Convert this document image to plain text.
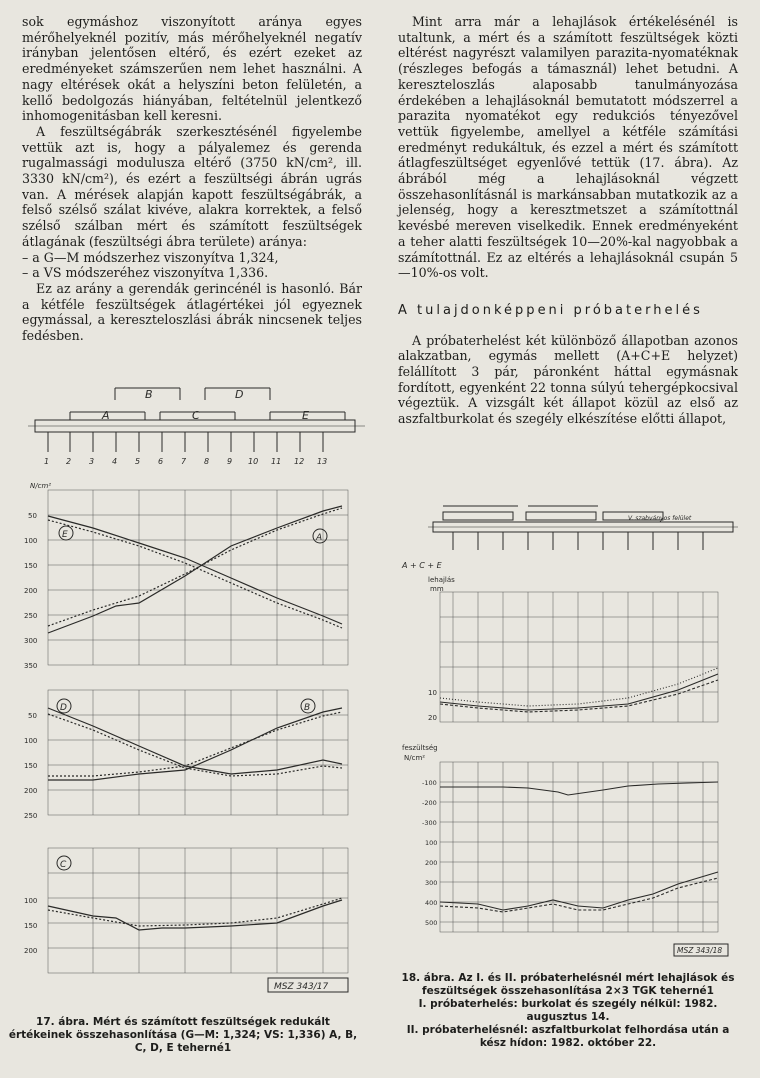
sok egymáshoz viszonyított aránya egyes mérőhelyeknél pozitív, más mérőhelyeknél negatív irányban jelentősen eltérő, és ezért ezeket az eredményeket számszerűen nem lehet használni. A nagy eltérések okát a helyszíni beton felületén, a kellő bedolgozás hiányában, feltételnül jelentkező inhomogenitásban kell keresni.

A feszültségábrák szerkesztésénél figyelembe vettük azt is, hogy a pályalemez és gerenda rugalmassági modulusza eltérő (3750 kN/cm², ill. 3330 kN/cm²), és ezért a feszültségi ábrán ugrás van. A mérések alapján kapott feszültségábrák, a felső szélső szálat kivéve, alakra korrektek, a felső szélső szálban mért és számított feszültségek átlagának (feszültségi ábra területe) aránya:

– a G—M módszerhez viszonyítva 1,324,

– a VS módszeréhez viszonyítva 1,336.

Ez az arány a gerendák gerincénél is hasonló. Bár a kétféle feszültségek átlagértékei jól egyeznek egymással, a kereszteloszlási ábrák nincsenek teljes fedésben.

Mint arra már a lehajlások értékelésénél is utaltunk, a mért és a számított feszültségek közti eltérést nagyrészt valamilyen parazita-nyomatéknak (részleges befogás a támasznál) lehet betudni. A kereszteloszlás alaposabb tanulmányozása érdekében a lehajlásoknál bemutatott módszerrel a parazita nyomatékot egy redukciós tényezővel vettük figyelembe, amellyel a kétféle számítási eredményt redukáltuk, és ezzel a mért és számított átlagfeszültséget egyenlővé tettük (17. ábra). Az ábrából még a lehajlásoknál végzett összehasonlításnál is markánsabban mutatkozik az a jelenség, hogy a keresztmetszet a számítottnál kevésbé mereven viselkedik. Ennek eredményeként a teher alatti feszültségek 10—20%-kal nagyobbak a számítottnál. Ez az eltérés a lehajlásoknál csupán 5—10%-os volt.

A tulajdonképpeni próbaterhelés

A próbaterhelést két különböző állapotban azonos alakzatban, egymás mellett (A+C+E helyzet) feláll͏ított 3 pár, páronként háttal egymásnak fordított, egyenként 22 tonna súlyú tehergépkocsival végeztük. A vizsgált két állapot közül az első az aszfaltburkolat és szegély elkészítése előtti állapot,

B	D
A	C	E
1 2 3 4 5 6 7 8 9 10 11 12 13
N/cm²
50
100
150
200
250
300
350
E	A
50
100
150
200
250
D	B
100
150
200
C
MSZ 343/17
17. ábra. Mért és számított feszültségek redukált értékeinek összehasonlítása (G—M: 1,324; VS: 1,336) A, B, C, D, E teherné1
V. szabványos felület
A + C + E
lehajlás
mm
10
20
feszültség
N/cm²
-100
-200
-300
100
200
300
400
500
MSZ 343/18
18. ábra. Az I. és II. próbaterhelésnél mért lehajlások és feszültségek összehasonlítása 2×3 TGK teherné1
I. próbaterhelés: burkolat és szegély nélkül: 1982. augusztus 14.
II. próbaterhelésnél: aszfaltburkolat felhordása után a kész hídon: 1982. október 22.
